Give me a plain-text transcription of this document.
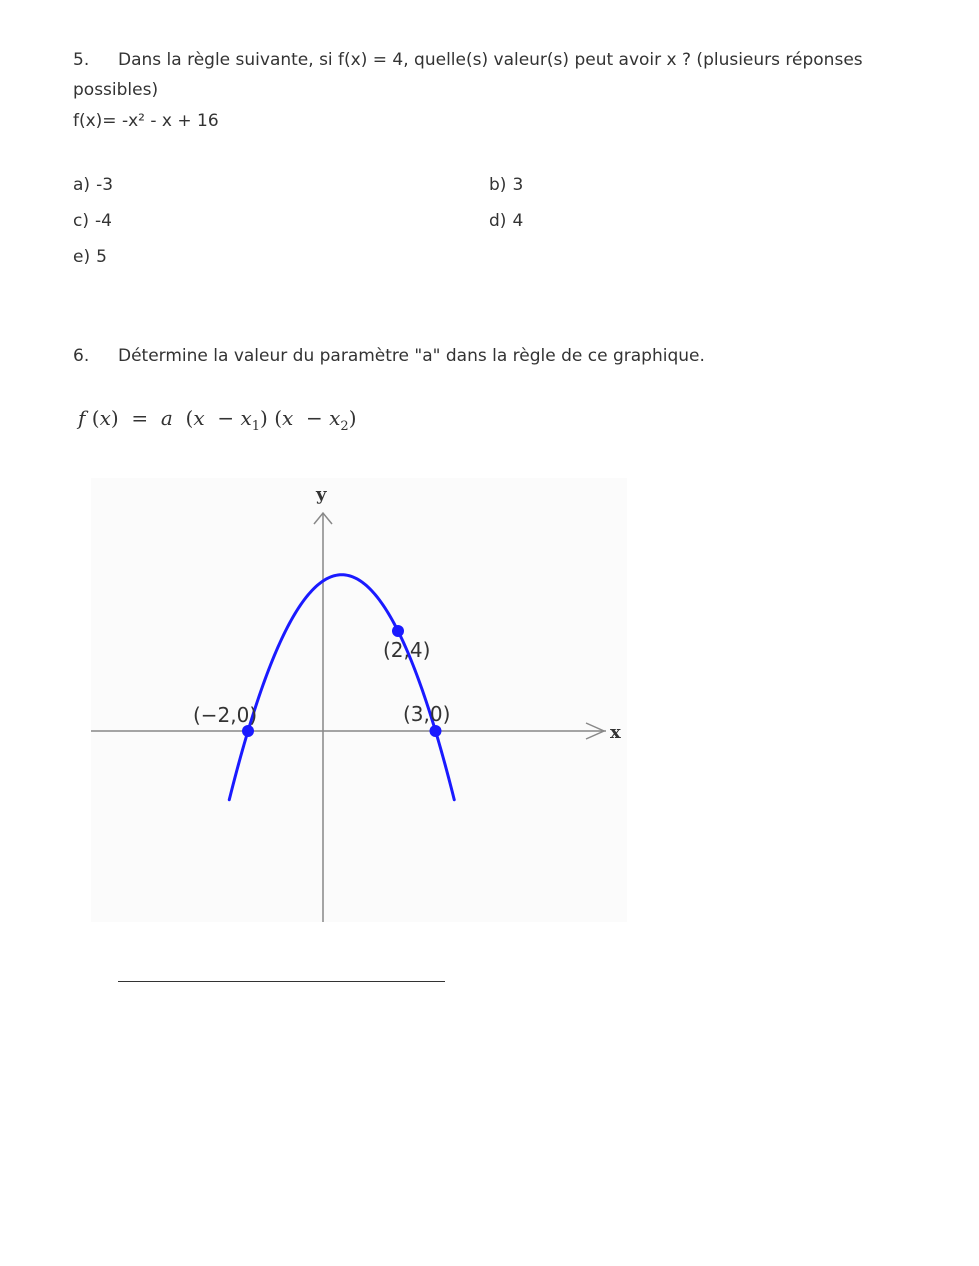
5. Dans la règle suivante, si f(x) = 4, quelle(s) valeur(s) peut avoir x ? (plusieurs réponses
possibles)
f(x)= -x² - x + 16
a) -3	b) 3
c) -4	d) 4
e) 5
6. Détermine la valeur du paramètre "a" dans la règle de ce graphique.
f (x) = a $(x - x_1)$ $(x - x_2)$
x
y
(−2,0)
(2,4)
(3,0)
